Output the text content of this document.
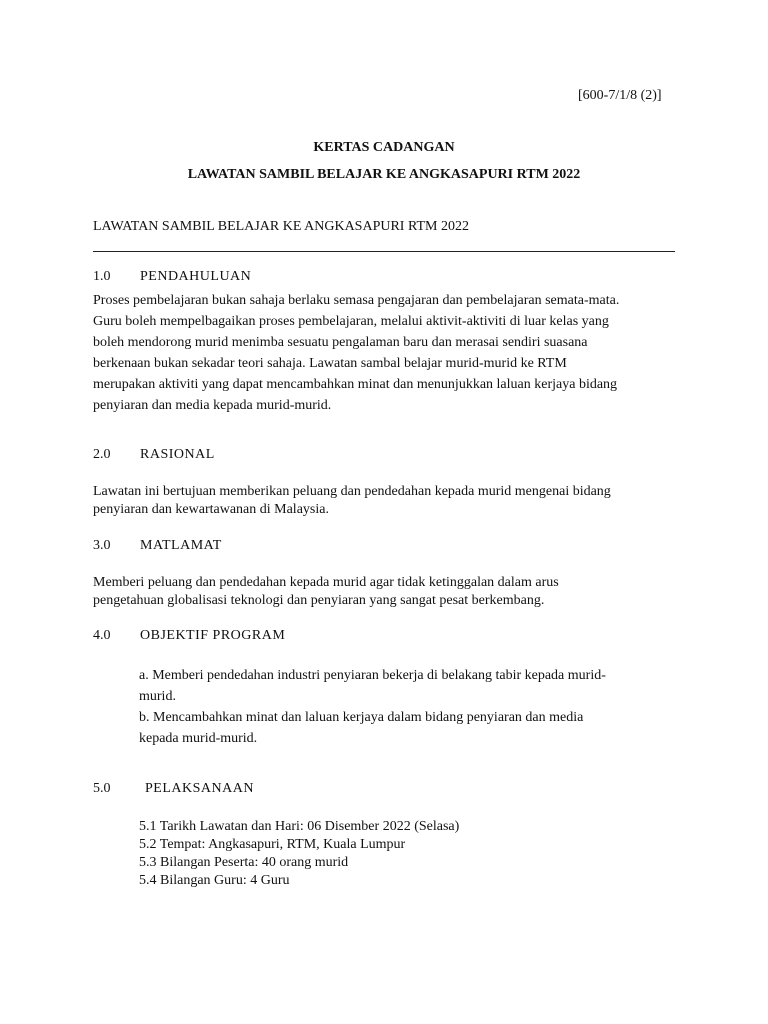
[600-7/1/8 (2)]
KERTAS CADANGAN
LAWATAN SAMBIL BELAJAR KE ANGKASAPURI RTM 2022
LAWATAN SAMBIL BELAJAR KE ANGKASAPURI RTM 2022
1.0 PENDAHULUAN
Proses pembelajaran bukan sahaja berlaku semasa pengajaran dan pembelajaran semata-mata.
Guru boleh mempelbagaikan proses pembelajaran, melalui aktivit-aktiviti di luar kelas yang
boleh mendorong murid menimba sesuatu pengalaman baru dan merasai sendiri suasana
berkenaan bukan sekadar teori sahaja. Lawatan sambal belajar murid-murid ke RTM
merupakan aktiviti yang dapat mencambahkan minat dan menunjukkan laluan kerjaya bidang
penyiaran dan media kepada murid-murid.
2.0 RASIONAL
Lawatan ini bertujuan memberikan peluang dan pendedahan kepada murid mengenai bidang
penyiaran dan kewartawanan di Malaysia.
3.0 MATLAMAT
Memberi peluang dan pendedahan kepada murid agar tidak ketinggalan dalam arus
pengetahuan globalisasi teknologi dan penyiaran yang sangat pesat berkembang.
4.0 OBJEKTIF PROGRAM
a. Memberi pendedahan industri penyiaran bekerja di belakang tabir kepada murid-
murid.
b. Mencambahkan minat dan laluan kerjaya dalam bidang penyiaran dan media
kepada murid-murid.
5.0 PELAKSANAAN
5.1 Tarikh Lawatan dan Hari: 06 Disember 2022 (Selasa)
5.2 Tempat: Angkasapuri, RTM, Kuala Lumpur
5.3 Bilangan Peserta: 40 orang murid
5.4 Bilangan Guru: 4 Guru
